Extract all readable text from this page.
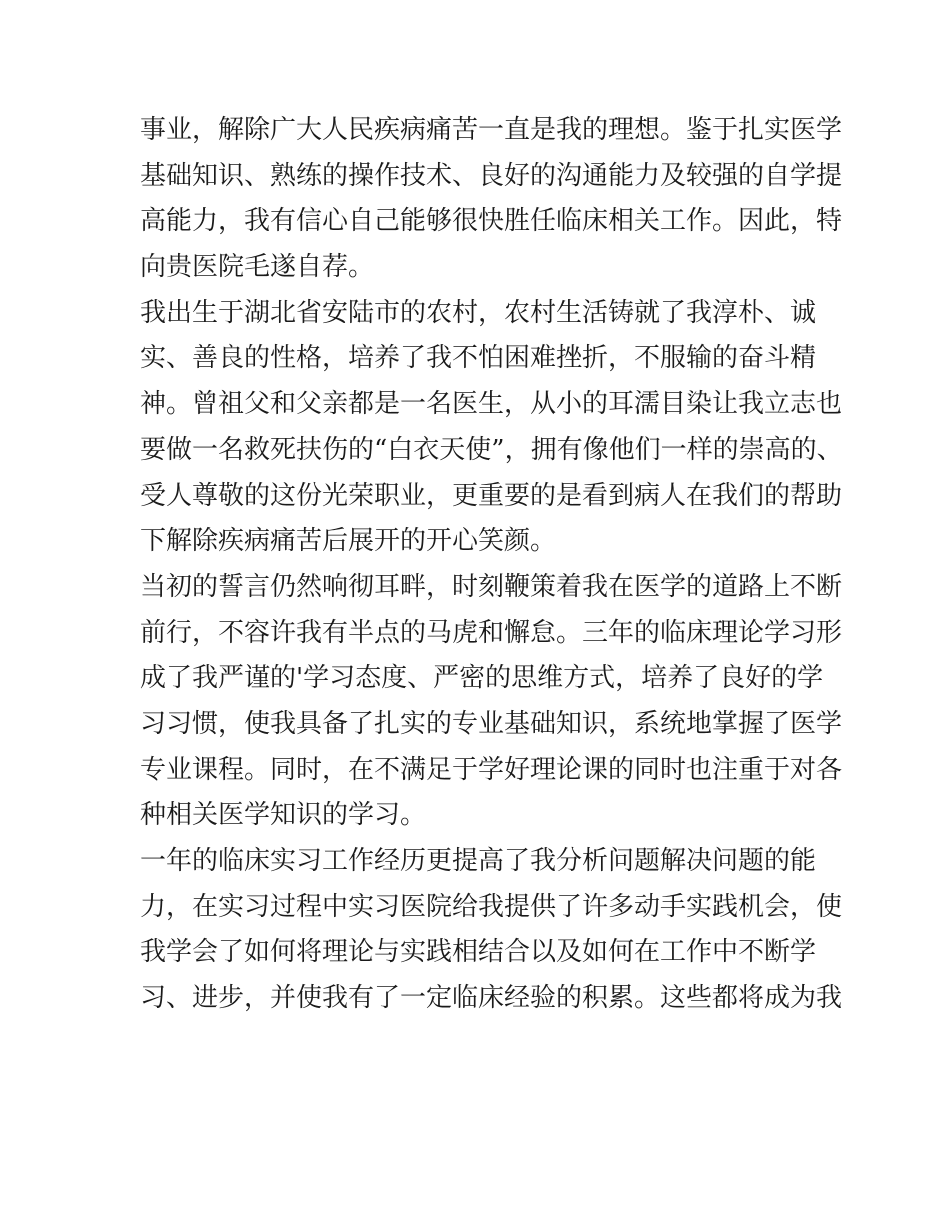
事业，解除广大人民疾病痛苦一直是我的理想。鉴于扎实医学
基础知识、熟练的操作技术、良好的沟通能力及较强的自学提
高能力，我有信心自己能够很快胜任临床相关工作。因此，特
向贵医院毛遂自荐。
我出生于湖北省安陆市的农村，农村生活铸就了我淳朴、诚
实、善良的性格，培养了我不怕困难挫折，不服输的奋斗精
神。曾祖父和父亲都是一名医生，从小的耳濡目染让我立志也
要做一名救死扶伤的“白衣天使”，拥有像他们一样的崇高的、
受人尊敬的这份光荣职业，更重要的是看到病人在我们的帮助
下解除疾病痛苦后展开的开心笑颜。
当初的誓言仍然响彻耳畔，时刻鞭策着我在医学的道路上不断
前行，不容许我有半点的马虎和懈怠。三年的临床理论学习形
成了我严谨的'学习态度、严密的思维方式，培养了良好的学
习习惯，使我具备了扎实的专业基础知识，系统地掌握了医学
专业课程。同时，在不满足于学好理论课的同时也注重于对各
种相关医学知识的学习。
一年的临床实习工作经历更提高了我分析问题解决问题的能
力，在实习过程中实习医院给我提供了许多动手实践机会，使
我学会了如何将理论与实践相结合以及如何在工作中不断学
习、进步，并使我有了一定临床经验的积累。这些都将成为我
